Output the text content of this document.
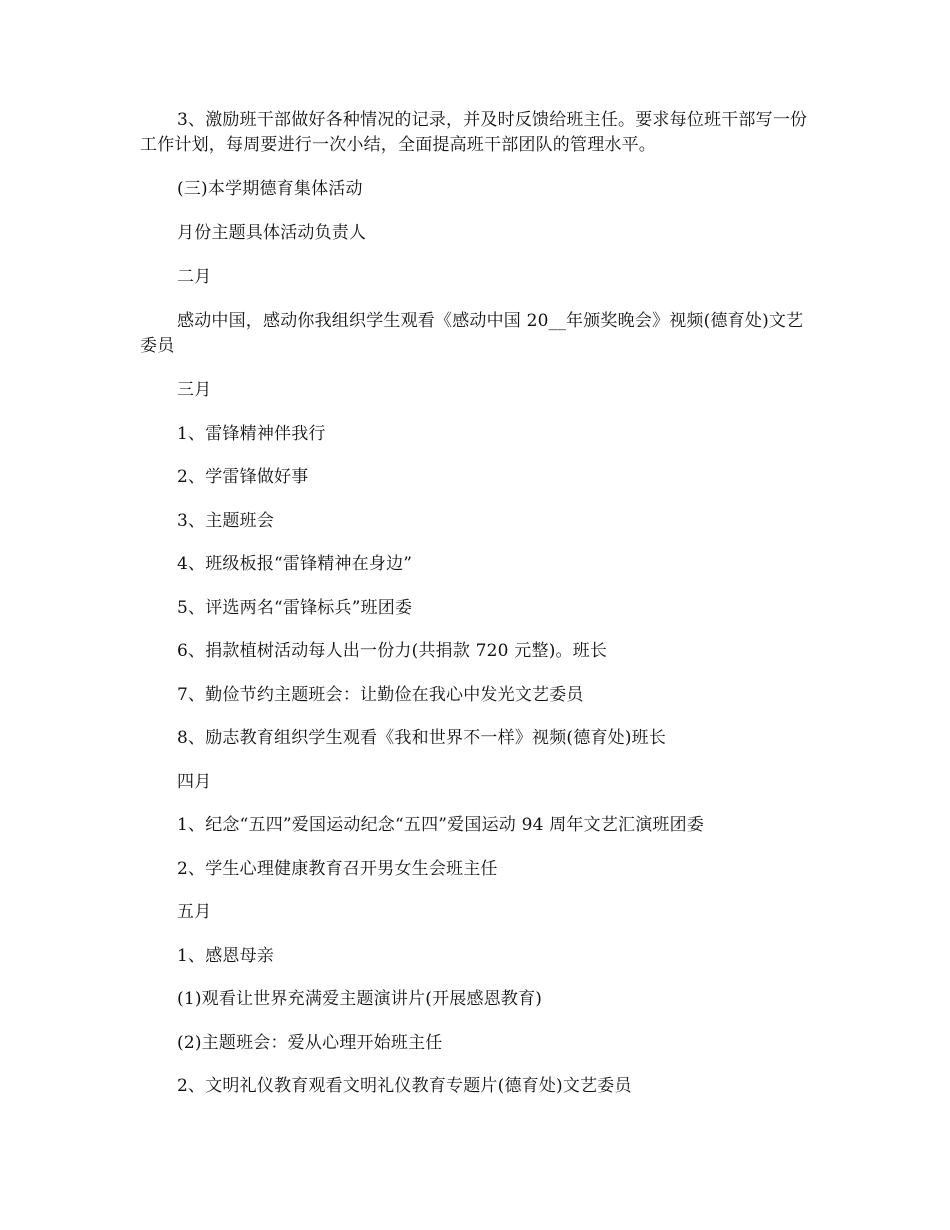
3、激励班干部做好各种情况的记录，并及时反馈给班主任。要求每位班干部写一份工作计划，每周要进行一次小结，全面提高班干部团队的管理水平。

(三)本学期德育集体活动

月份主题具体活动负责人

二月

感动中国，感动你我组织学生观看《感动中国 20__年颁奖晚会》视频(德育处)文艺委员

三月

1、雷锋精神伴我行

2、学雷锋做好事

3、主题班会

4、班级板报“雷锋精神在身边”

5、评选两名“雷锋标兵”班团委

6、捐款植树活动每人出一份力(共捐款 720 元整)。班长

7、勤俭节约主题班会：让勤俭在我心中发光文艺委员

8、励志教育组织学生观看《我和世界不一样》视频(德育处)班长

四月

1、纪念“五四”爱国运动纪念“五四”爱国运动 94 周年文艺汇演班团委

2、学生心理健康教育召开男女生会班主任

五月

1、感恩母亲

(1)观看让世界充满爱主题演讲片(开展感恩教育)

(2)主题班会：爱从心理开始班主任

2、文明礼仪教育观看文明礼仪教育专题片(德育处)文艺委员
